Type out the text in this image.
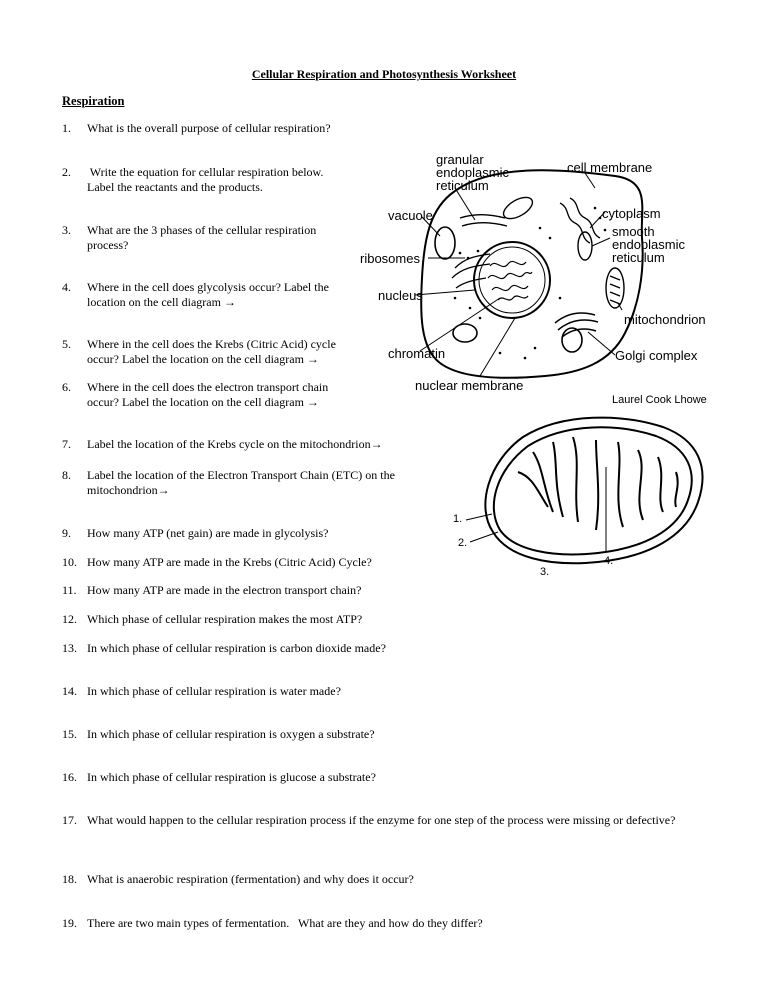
Cellular Respiration and Photosynthesis Worksheet
Respiration
1.	What is the overall purpose of cellular respiration?
2.	Write the equation for cellular respiration below.
Label the reactants and the products.
3.	What are the 3 phases of the cellular respiration
process?
4.	Where in the cell does glycolysis occur? Label the
location on the cell diagram →
5.	Where in the cell does the Krebs (Citric Acid) cycle
occur? Label the location on the cell diagram →
6.	Where in the cell does the electron transport chain
occur? Label the location on the cell diagram →
7.	Label the location of the Krebs cycle on the mitochondrion→
8.	Label the location of the Electron Transport Chain (ETC) on the
mitochondrion→
9.	How many ATP (net gain) are made in glycolysis?
10. How many ATP are made in the Krebs (Citric Acid) Cycle?
11. How many ATP are made in the electron transport chain?
12. Which phase of cellular respiration makes the most ATP?
13. In which phase of cellular respiration is carbon dioxide made?
14. In which phase of cellular respiration is water made?
15. In which phase of cellular respiration is oxygen a substrate?
16. In which phase of cellular respiration is glucose a substrate?
17. What would happen to the cellular respiration process if the enzyme for one step of the process were missing or defective?
18. What is anaerobic respiration (fermentation) and why does it occur?
19. There are two main types of fermentation.   What are they and how do they differ?
granular
endoplasmic
reticulum
cell membrane
vacuole	cytoplasm
smooth
endoplasmic
reticulum
ribosomes
nucleus
mitochondrion
chromatin	Golgi complex
nuclear membrane
Laurel Cook Lhowe
1.
2.
3.
4.
